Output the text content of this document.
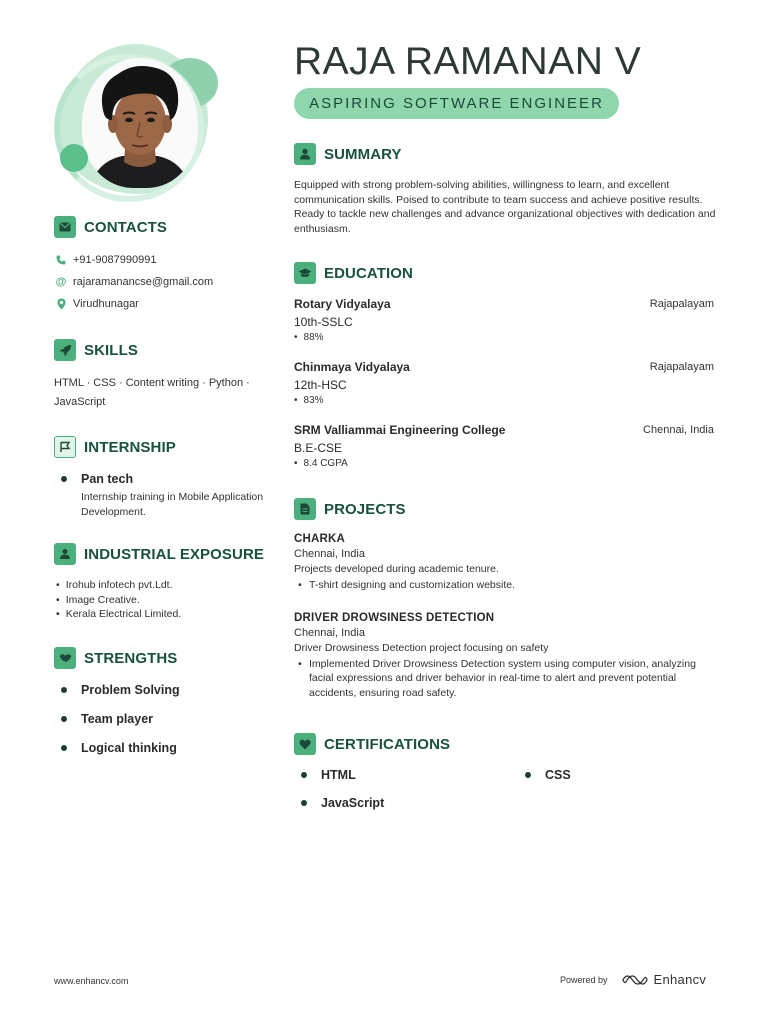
CONTACTS
+91-9087990991
@ rajaramanancse@gmail.com
Virudhunagar
SKILLS
HTML · CSS · Content writing · Python · JavaScript
INTERNSHIP
Pan tech
Internship training in Mobile Application Development.
INDUSTRIAL EXPOSURE
• Irohub infotech pvt.Ldt.
• Image Creative.
• Kerala Electrical Limited.
STRENGTHS
Problem Solving
Team player
Logical thinking
RAJA RAMANAN V
ASPIRING SOFTWARE ENGINEER
SUMMARY
Equipped with strong problem-solving abilities, willingness to learn, and excellent communication skills. Poised to contribute to team success and achieve positive results. Ready to tackle new challenges and advance organizational objectives with dedication and enthusiasm.
EDUCATION
Rotary Vidyalaya	Rajapalayam
10th-SSLC
• 88%
Chinmaya Vidyalaya	Rajapalayam
12th-HSC
• 83%
SRM Valliammai Engineering College	Chennai, India
B.E-CSE
• 8.4 CGPA
PROJECTS
CHARKA
Chennai, India
Projects developed during academic tenure.
• T-shirt designing and customization website.
DRIVER DROWSINESS DETECTION
Chennai, India
Driver Drowsiness Detection project focusing on safety
• Implemented Driver Drowsiness Detection system using computer vision, analyzing facial expressions and driver behavior in real-time to alert and prevent potential accidents, ensuring road safety.
CERTIFICATIONS
HTML	CSS
JavaScript
www.enhancv.com	Powered by	Enhancv
